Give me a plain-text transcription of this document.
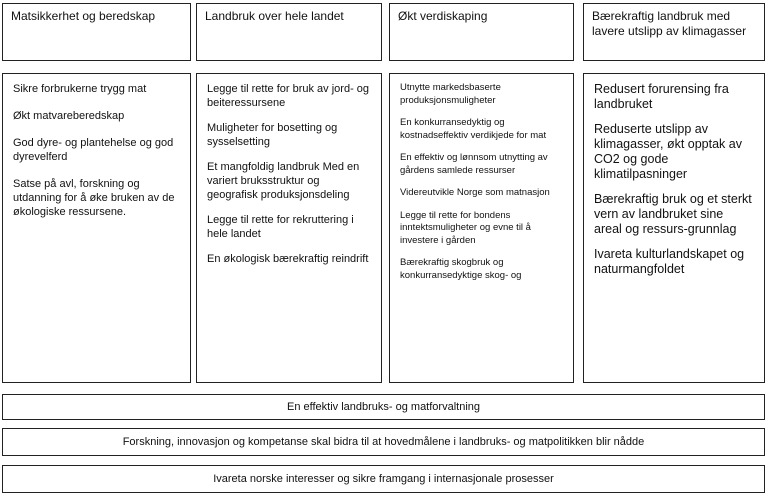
Matsikkerhet og beredskap	Landbruk over hele landet	Økt verdiskaping	Bærekraftig landbruk med lavere utslipp av klimagasser
Sikre forbrukerne trygg mat
Økt matvareberedskap
God dyre- og plantehelse og god dyrevelferd
Satse på avl, forskning og utdanning for å øke bruken av de økologiske ressursene.
Legge til rette for bruk av jord- og beiteressursene
Muligheter for bosetting og sysselsetting
Et mangfoldig landbruk Med en variert bruksstruktur og geografisk produksjonsdeling
Legge til rette for rekruttering i hele landet
En økologisk bærekraftig reindrift
Utnytte markedsbaserte produksjonsmuligheter
En konkurransedyktig og kostnadseffektiv verdikjede for mat
En effektiv og lønnsom utnytting av gårdens samlede ressurser
Videreutvikle Norge som matnasjon
Legge til rette for bondens inntektsmuligheter og evne til å investere i gården
Bærekraftig skogbruk og konkurransedyktige skog- og
Redusert forurensing fra landbruket
Reduserte utslipp av klimagasser, økt opptak av CO2 og gode klimatilpasninger
Bærekraftig bruk og et sterkt vern av landbruket sine areal og ressurs-grunnlag
Ivareta kulturlandskapet og naturmangfoldet
En effektiv landbruks- og matforvaltning
Forskning, innovasjon og kompetanse skal bidra til at hovedmålene i landbruks- og matpolitikken blir nådde
Ivareta norske interesser og sikre framgang i internasjonale prosesser
